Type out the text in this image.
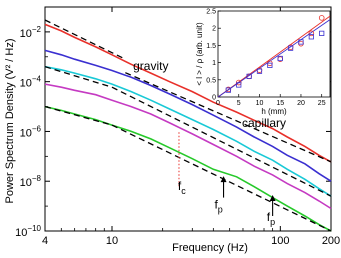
4	10	100	200
$10^{-2}$
$10^{-4}$
$10^{-6}$
$10^{-8}$
$10^{-10}$
gravity
capillary
$f_c$
$f_p$
$f_p$
Frequency (Hz)
Power Spectrum Density (V² / Hz)	0 5 10 15 20 25
0
0.5
1
1.5
2
2.5
h (mm)
< l > / ρ (arb. unit)
